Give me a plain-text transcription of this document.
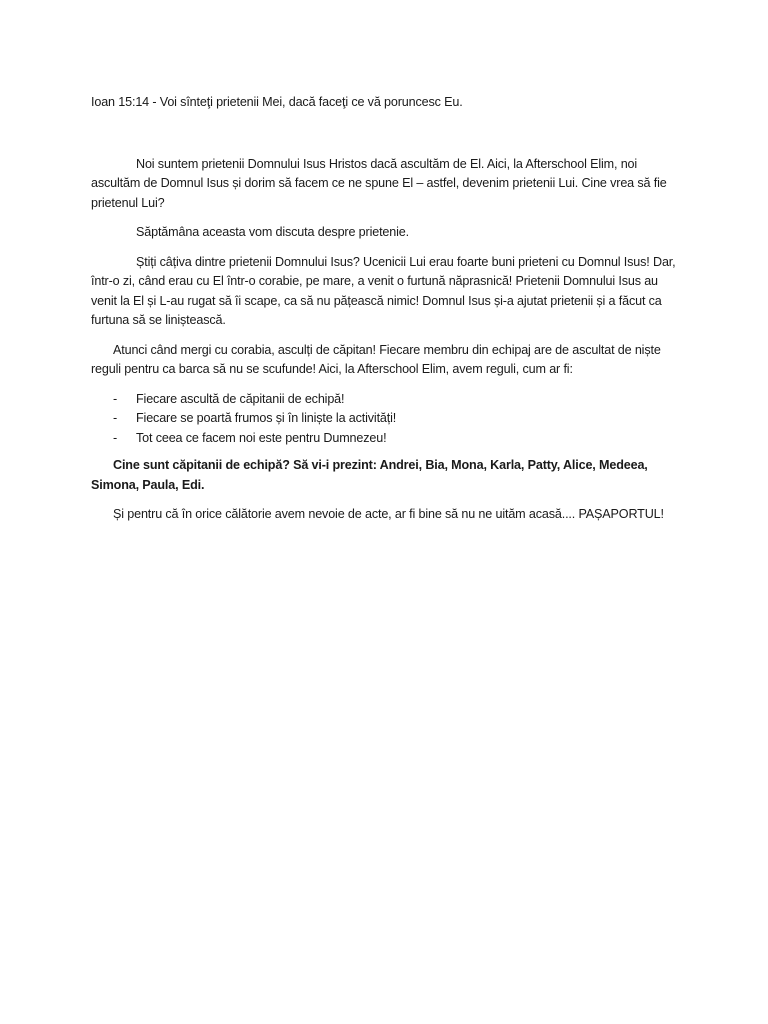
Ioan 15:14 - Voi sînteţi prietenii Mei, dacă faceţi ce vă poruncesc Eu.

Noi suntem prietenii Domnului Isus Hristos dacă ascultăm de El. Aici, la Afterschool Elim, noi ascultăm de Domnul Isus și dorim să facem ce ne spune El – astfel, devenim prietenii Lui. Cine vrea să fie prietenul Lui?

Săptămâna aceasta vom discuta despre prietenie.

Știți câțiva dintre prietenii Domnului Isus? Ucenicii Lui erau foarte buni prieteni cu Domnul Isus! Dar, într-o zi, când erau cu El într-o corabie, pe mare, a venit o furtună năprasnică! Prietenii Domnului Isus au venit la El și L-au rugat să îi scape, ca să nu pățească nimic! Domnul Isus și-a ajutat prietenii și a făcut ca furtuna să se liniștească.

Atunci când mergi cu corabia, asculți de căpitan! Fiecare membru din echipaj are de ascultat de niște reguli pentru ca barca să nu se scufunde! Aici, la Afterschool Elim, avem reguli, cum ar fi:

- Fiecare ascultă de căpitanii de echipă!
- Fiecare se poartă frumos și în liniște la activități!
- Tot ceea ce facem noi este pentru Dumnezeu!

Cine sunt căpitanii de echipă? Să vi-i prezint: Andrei, Bia, Mona, Karla, Patty, Alice, Medeea, Simona, Paula, Edi.

Și pentru că în orice călătorie avem nevoie de acte, ar fi bine să nu ne uităm acasă.... PAȘAPORTUL!
